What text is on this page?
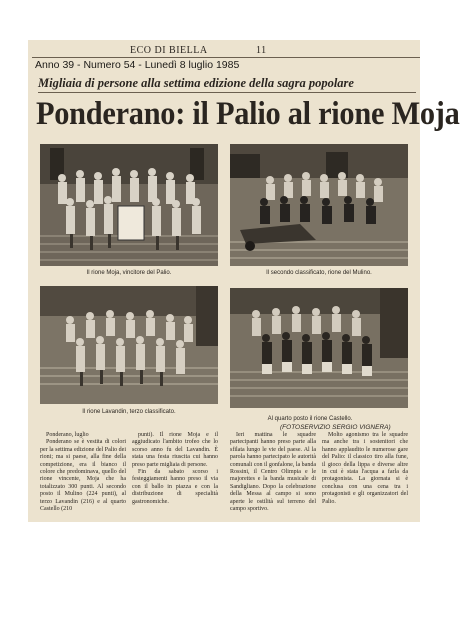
ECO DI BIELLA	11
Anno 39 - Numero 54 - Lunedì 8 luglio 1985
Migliaia di persone alla settima edizione della sagra popolare
Ponderano: il Palio al rione Moja
Il rione Moja, vincitore del Palio.	Il secondo classificato, rione del Mulino.
Il rione Lavandin, terzo classificato.
Al quarto posto il rione Castello.
(FOTOSERVIZIO SERGIO VIGNERA)
Ponderano, luglio
Ponderano se è vestita di colori per la settima edizione del Palio dei rioni; ma si paese, alla fine della competizione, era il bianco il colore che predominava, quello del rione vincente, Moja che ha totalizzato 300 punti. Al secondo posto il Mulino (224 punti), al terzo Lavandin (216) e al quarto Castello (210
punti). Il rione Moja e il aggiudicato l'ambito trofeo che lo scorso anno fu del Lavandin. È stata una festa riuscita cui hanno preso parte migliaia di persone.
Fin da sabato scorso i festeggiamenti hanno preso il via con il ballo in piazza e con la distribuzione di specialità gastronomiche.
Ieri mattina le squadre partecipanti hanno preso parte alla sfilata lungo le vie del paese. Al la parola hanno partecipato le autorità comunali con il gonfalone, la banda Rossini, il Centro Olimpia e le majorettes e la banda musicale di Sandigliano. Dopo la celebrazione della Messa al campo si sono aperte le ostilità sul terreno del campo sportivo.
Molto agonismo tra le squadre ma anche tra i sostenitori che hanno applaudito le numerose gare del Palio: il classico tiro alla fune, il gioco della lippa e diverse altre in cui è stata l'acqua a farla da protagonista. La giornata si è conclusa con una cena tra i protagonisti e gli organizzatori del Palio.
